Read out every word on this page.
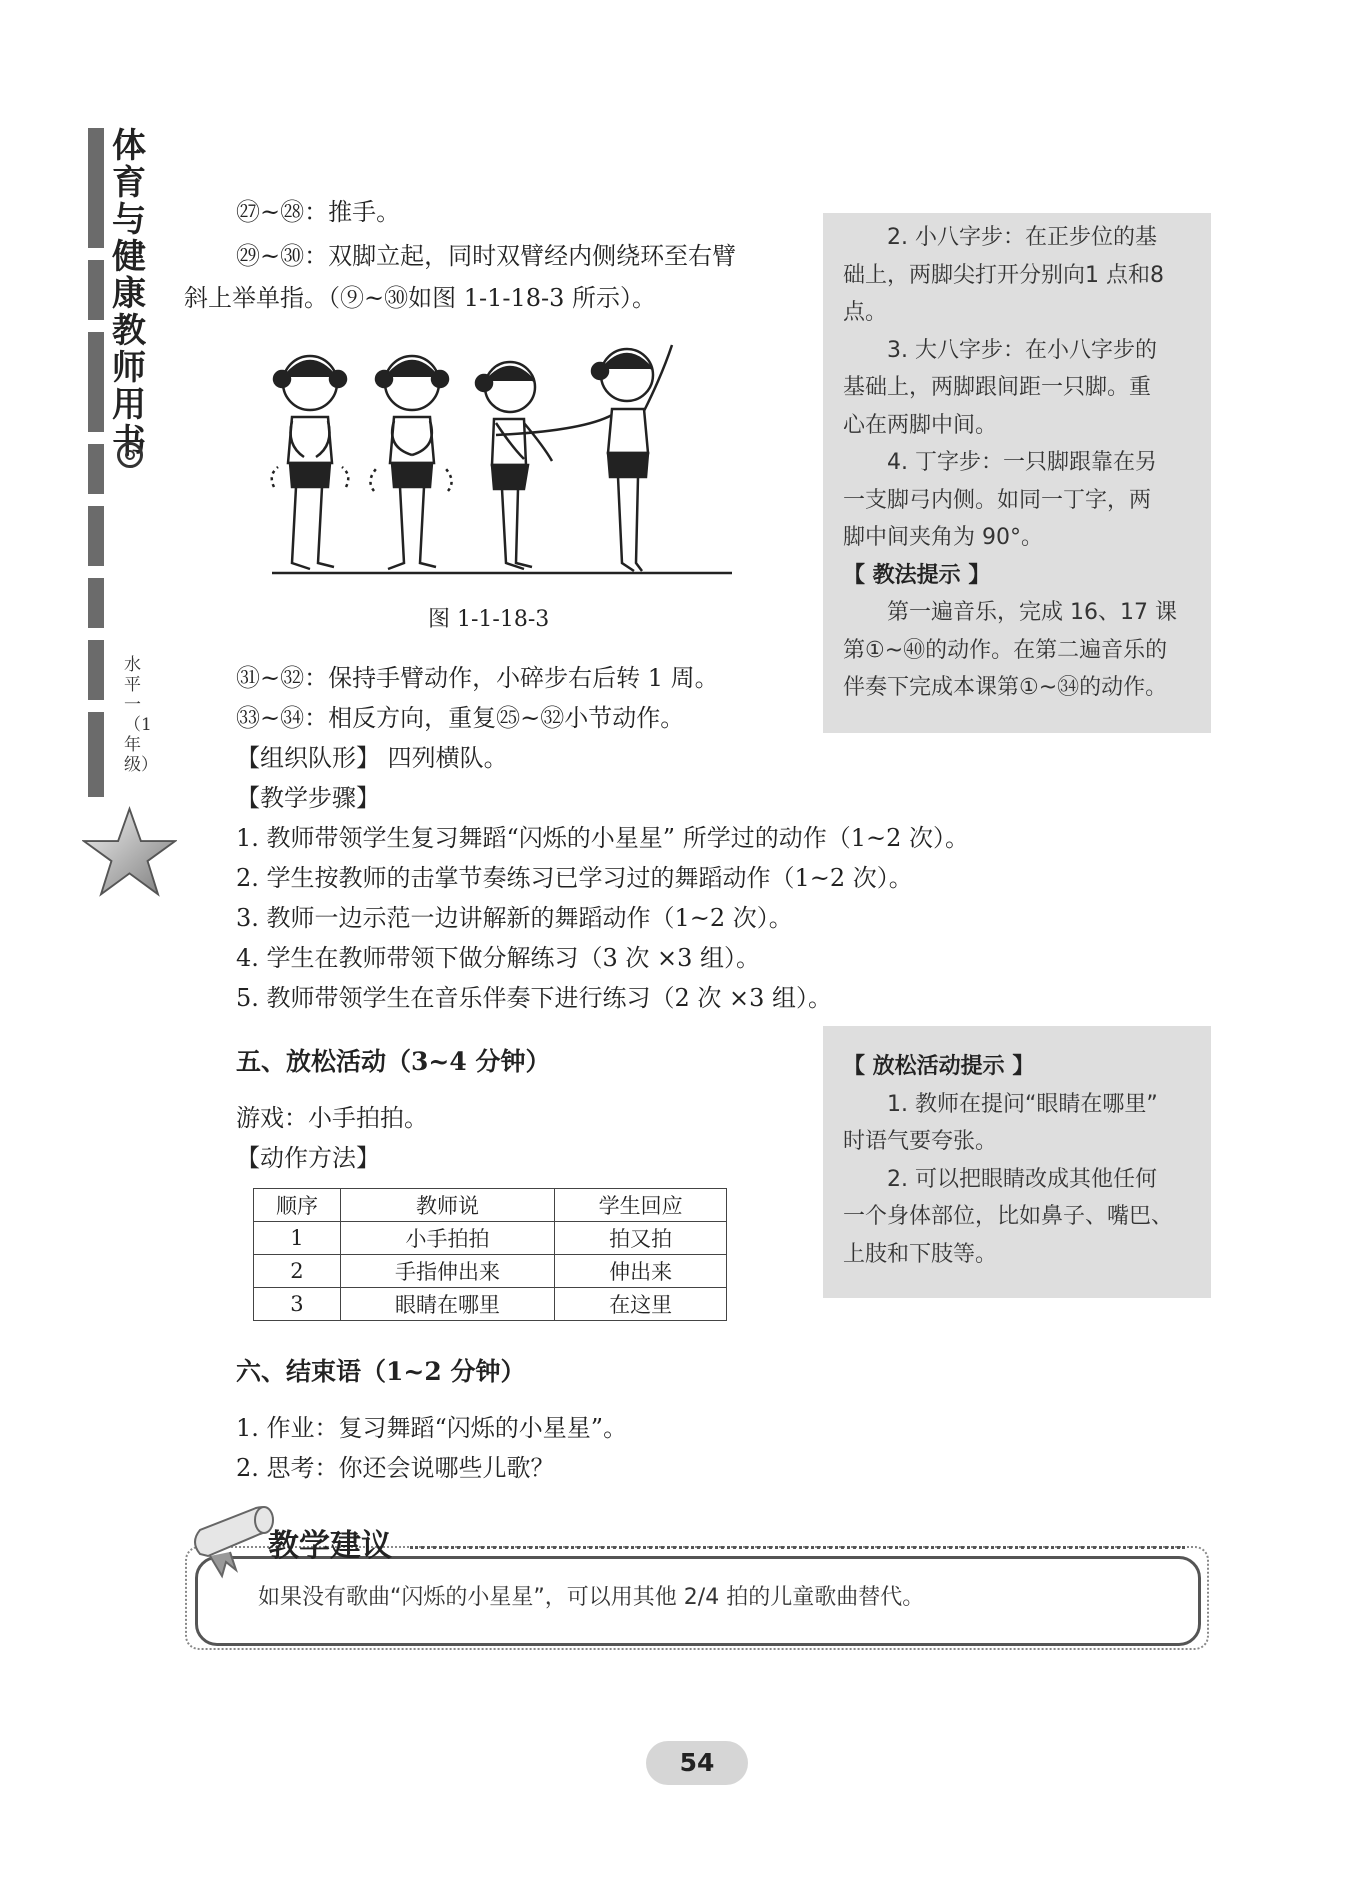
体育与健康教师用书
水平一（1年级）
㉗~㉘：推手。
㉙~㉚：双脚立起，同时双臂经内侧绕环至右臂
斜上举单指。（⑨~㉚如图 1-1-18-3 所示）。
图 1-1-18-3

2. 小八字步：在正步位的基

础上，两脚尖打开分别向1 点和8

点。

3. 大八字步：在小八字步的

基础上，两脚跟间距一只脚。重

心在两脚中间。

4. 丁字步：一只脚跟靠在另

一支脚弓内侧。如同一丁字，两

脚中间夹角为 90°。

【 教法提示 】

第一遍音乐，完成 16、17 课

第①~㊵的动作。在第二遍音乐的

伴奏下完成本课第①~㉞的动作。

㉛~㉜：保持手臂动作，小碎步右后转 1 周。
㉝~㉞：相反方向，重复㉕~㉜小节动作。
【组织队形】 四列横队。
【教学步骤】
1. 教师带领学生复习舞蹈“闪烁的小星星” 所学过的动作（1~2 次）。
2. 学生按教师的击掌节奏练习已学习过的舞蹈动作（1~2 次）。
3. 教师一边示范一边讲解新的舞蹈动作（1~2 次）。
4. 学生在教师带领下做分解练习（3 次 ×3 组）。
5. 教师带领学生在音乐伴奏下进行练习（2 次 ×3 组）。
五、放松活动（3~4 分钟）
游戏：小手拍拍。
【动作方法】
顺序	教师说	学生回应
1	小手拍拍	拍又拍
2	手指伸出来	伸出来
3	眼睛在哪里	在这里

【 放松活动提示 】

1. 教师在提问“眼睛在哪里”

时语气要夸张。

2. 可以把眼睛改成其他任何

一个身体部位，比如鼻子、嘴巴、

上肢和下肢等。

六、结束语（1~2 分钟）
1. 作业：复习舞蹈“闪烁的小星星”。
2. 思考：你还会说哪些儿歌？
教学建议
如果没有歌曲“闪烁的小星星”，可以用其他 2/4 拍的儿童歌曲替代。
54
